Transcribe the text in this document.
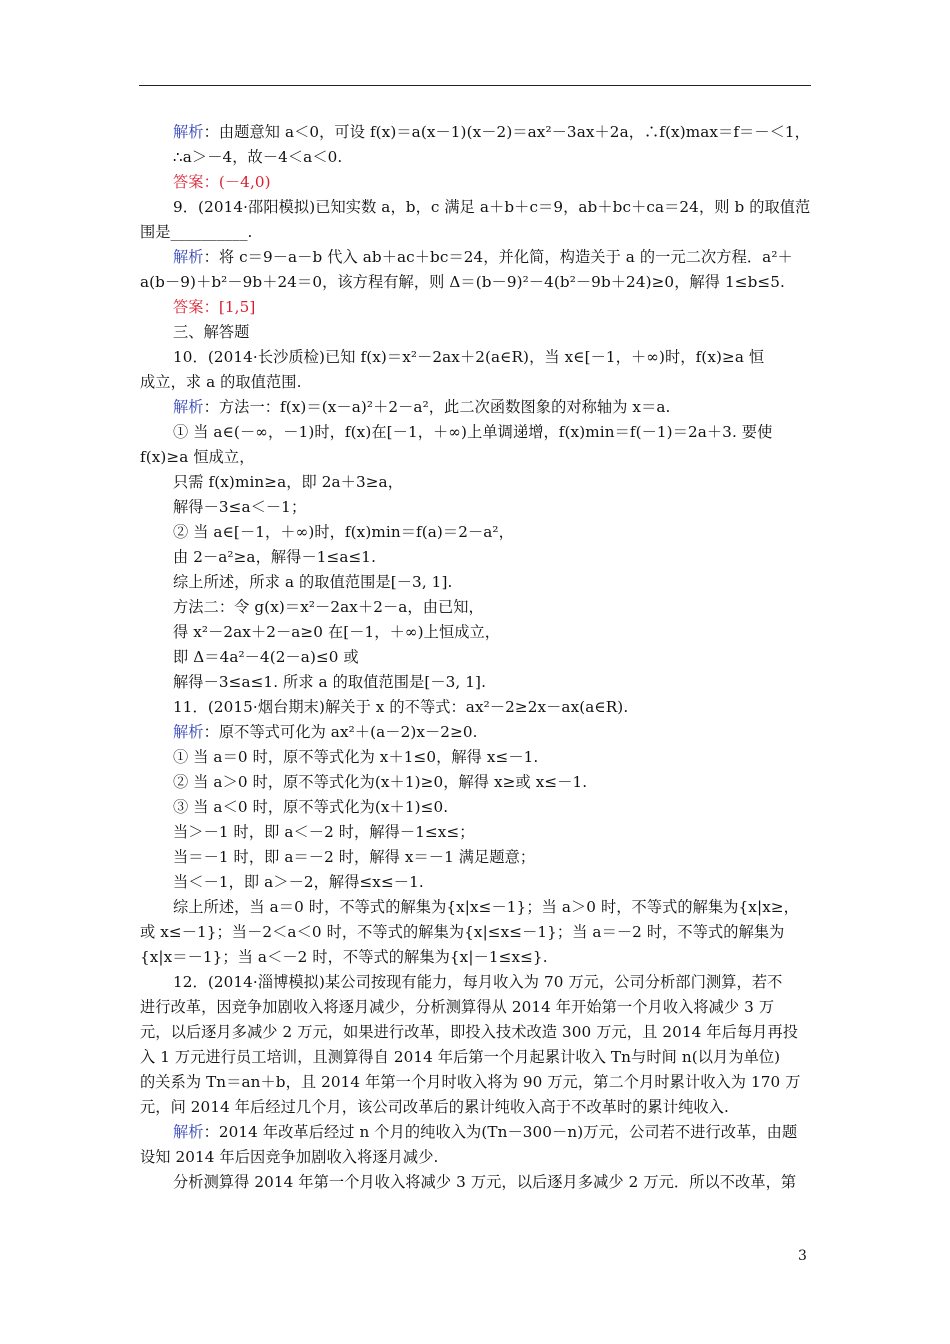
解析：由题意知 a＜0，可设 f(x)＝a(x－1)(x－2)＝ax²－3ax＋2a，∴f(x)max＝f＝－＜1，
∴a＞－4，故－4＜a＜0.
答案：(－4,0)
9．(2014·邵阳模拟)已知实数 a，b，c 满足 a＋b＋c＝9，ab＋bc＋ca＝24，则 b 的取值范
围是__________.
解析：将 c＝9－a－b 代入 ab＋ac＋bc＝24，并化简，构造关于 a 的一元二次方程．a²＋
a(b－9)＋b²－9b＋24＝0，该方程有解，则 Δ＝(b－9)²－4(b²－9b＋24)≥0，解得 1≤b≤5.
答案：[1,5]
三、解答题
10．(2014·长沙质检)已知 f(x)＝x²－2ax＋2(a∈R)，当 x∈[－1，＋∞)时，f(x)≥a 恒
成立，求 a 的取值范围.
解析：方法一：f(x)＝(x－a)²＋2－a²，此二次函数图象的对称轴为 x＝a.
① 当 a∈(－∞，－1)时，f(x)在[－1，＋∞)上单调递增，f(x)min＝f(－1)＝2a＋3. 要使
f(x)≥a 恒成立，
只需 f(x)min≥a，即 2a＋3≥a，
解得－3≤a＜－1；
② 当 a∈[－1，＋∞)时，f(x)min＝f(a)＝2－a²，
由 2－a²≥a，解得－1≤a≤1.
综上所述，所求 a 的取值范围是[－3, 1].
方法二：令 g(x)＝x²－2ax＋2－a，由已知，
得 x²－2ax＋2－a≥0 在[－1，＋∞)上恒成立，
即 Δ＝4a²－4(2－a)≤0 或
解得－3≤a≤1. 所求 a 的取值范围是[－3, 1].
11．(2015·烟台期末)解关于 x 的不等式：ax²－2≥2x－ax(a∈R).
解析：原不等式可化为 ax²＋(a－2)x－2≥0.
① 当 a＝0 时，原不等式化为 x＋1≤0，解得 x≤－1.
② 当 a＞0 时，原不等式化为(x＋1)≥0，解得 x≥或 x≤－1.
③ 当 a＜0 时，原不等式化为(x＋1)≤0.
当＞－1 时，即 a＜－2 时，解得－1≤x≤；
当＝－1 时，即 a＝－2 时，解得 x＝－1 满足题意；
当＜－1，即 a＞－2，解得≤x≤－1.
综上所述，当 a＝0 时，不等式的解集为{x|x≤－1}；当 a＞0 时，不等式的解集为{x|x≥，
或 x≤－1}；当－2＜a＜0 时，不等式的解集为{x|≤x≤－1}；当 a＝－2 时，不等式的解集为
{x|x＝－1}；当 a＜－2 时，不等式的解集为{x|－1≤x≤}.
12．(2014·淄博模拟)某公司按现有能力，每月收入为 70 万元，公司分析部门测算，若不
进行改革，因竞争加剧收入将逐月减少，分析测算得从 2014 年开始第一个月收入将减少 3 万
元，以后逐月多减少 2 万元，如果进行改革，即投入技术改造 300 万元，且 2014 年后每月再投
入 1 万元进行员工培训，且测算得自 2014 年后第一个月起累计收入 Tn与时间 n(以月为单位)
的关系为 Tn＝an＋b，且 2014 年第一个月时收入将为 90 万元，第二个月时累计收入为 170 万
元，问 2014 年后经过几个月，该公司改革后的累计纯收入高于不改革时的累计纯收入.
解析：2014 年改革后经过 n 个月的纯收入为(Tn－300－n)万元，公司若不进行改革，由题
设知 2014 年后因竞争加剧收入将逐月减少.
分析测算得 2014 年第一个月收入将减少 3 万元，以后逐月多减少 2 万元．所以不改革，第
3
